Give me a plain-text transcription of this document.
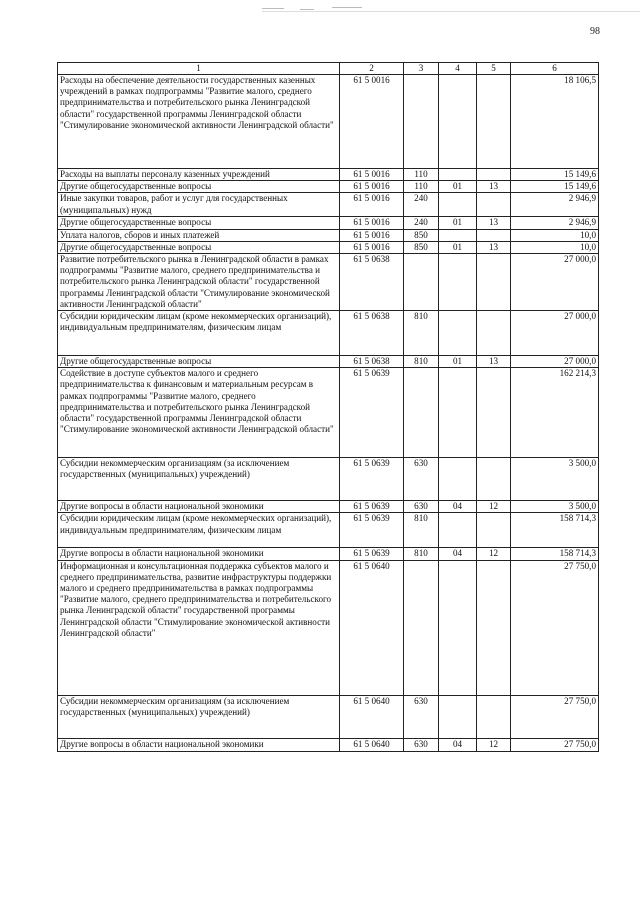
98
1	2	3	4	5	6
Расходы на обеспечение деятельности государственных казенных учреждений в рамках подпрограммы "Развитие малого, среднего предпринимательства и потребительского рынка Ленинградской области" государственной программы Ленинградской области "Стимулирование экономической активности Ленинградской области"	61 5 0016				18 106,5
Расходы на выплаты персоналу казенных учреждений	61 5 0016	110			15 149,6
Другие общегосударственные вопросы	61 5 0016	110	01	13	15 149,6
Иные закупки товаров, работ и услуг для государственных (муниципальных) нужд	61 5 0016	240			2 946,9
Другие общегосударственные вопросы	61 5 0016	240	01	13	2 946,9
Уплата налогов, сборов и иных платежей	61 5 0016	850			10,0
Другие общегосударственные вопросы	61 5 0016	850	01	13	10,0
Развитие потребительского рынка в Ленинградской области в рамках подпрограммы "Развитие малого, среднего предпринимательства и потребительского рынка Ленинградской области" государственной программы Ленинградской области "Стимулирование экономической активности Ленинградской области"	61 5 0638				27 000,0
Субсидии юридическим лицам (кроме некоммерческих организаций), индивидуальным предпринимателям, физическим лицам	61 5 0638	810			27 000,0
Другие общегосударственные вопросы	61 5 0638	810	01	13	27 000,0
Содействие в доступе субъектов малого и среднего предпринимательства к финансовым и материальным ресурсам в рамках подпрограммы "Развитие малого, среднего предпринимательства и потребительского рынка Ленинградской области" государственной программы Ленинградской области "Стимулирование экономической активности Ленинградской области"	61 5 0639				162 214,3
Субсидии некоммерческим организациям (за исключением государственных (муниципальных) учреждений)	61 5 0639	630			3 500,0
Другие вопросы в области национальной экономики	61 5 0639	630	04	12	3 500,0
Субсидии юридическим лицам (кроме некоммерческих организаций), индивидуальным предпринимателям, физическим лицам	61 5 0639	810			158 714,3
Другие вопросы в области национальной экономики	61 5 0639	810	04	12	158 714,3
Информационная и консультационная поддержка субъектов малого и среднего предпринимательства, развитие инфраструктуры поддержки малого и среднего предпринимательства в рамках подпрограммы "Развитие малого, среднего предпринимательства и потребительского рынка Ленинградской области" государственной программы Ленинградской области "Стимулирование экономической активности Ленинградской области"	61 5 0640				27 750,0
Субсидии некоммерческим организациям (за исключением государственных (муниципальных) учреждений)	61 5 0640	630			27 750,0
Другие вопросы в области национальной экономики	61 5 0640	630	04	12	27 750,0
